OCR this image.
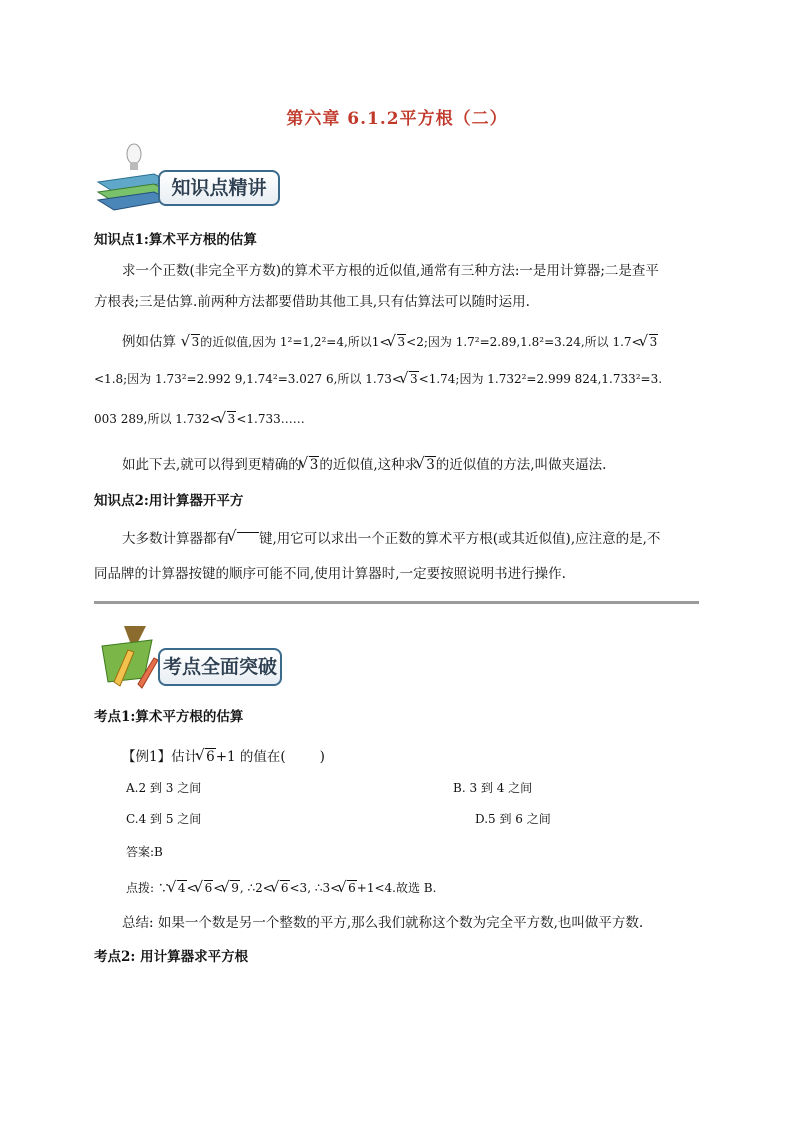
第六章 6.1.2平方根（二）
知识点精讲
知识点1:算术平方根的估算
求一个正数(非完全平方数)的算术平方根的近似值,通常有三种方法:一是用计算器;二是查平
方根表;三是估算.前两种方法都要借助其他工具,只有估算法可以随时运用.
例如估算 √ 3的近似值,因为 1²=1,2²=4,所以1< √ 3<2;因为 1.7²=2.89,1.8²=3.24,所以 1.7< √ 3
<1.8;因为 1.73²=2.992 9,1.74²=3.027 6,所以 1.73< √ 3<1.74;因为 1.732²=2.999 824,1.733²=3.
003 289,所以 1.732< √ 3<1.733……
如此下去,就可以得到更精确的 √ 3的近似值,这种求 √ 3的近似值的方法,叫做夹逼法.
知识点2:用计算器开平方
大多数计算器都有 √ 键,用它可以求出一个正数的算术平方根(或其近似值),应注意的是,不
同品牌的计算器按键的顺序可能不同,使用计算器时,一定要按照说明书进行操作.
考点全面突破
考点1:算术平方根的估算
【例1】估计 √ 6+1 的值在(	)
A.2 到 3 之间	B. 3 到 4 之间
C.4 到 5 之间	D.5 到 6 之间
答案:B
点拨: ∵ √ 4< √ 6< √ 9, ∴2< √ 6<3, ∴3< √ 6+1<4.故选 B.
总结: 如果一个数是另一个整数的平方,那么我们就称这个数为完全平方数,也叫做平方数.
考点2: 用计算器求平方根
